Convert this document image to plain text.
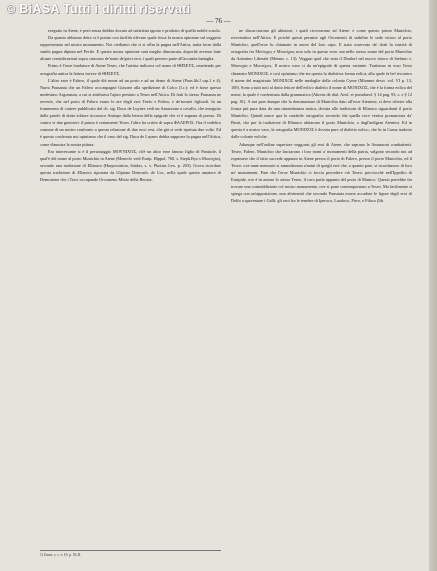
© BiASA Tutti i diritti riservati
— 76 —

eseguito in Atene, è però senza dubbio dovuto ad un'artista ignoto e prodotto di quella nobile scuola.

Da quanto abbiamo detto si è potuto con facilità rilevare quale fosse la nostra opinione sul soggetto rappresentato nel nostro monumento. Noi crediamo che ci si offra la pugna nell'Attica, tratta forse dalla simile pugna dipinta nel Pecile. E questa nostra opinione sarà meglio dimostrata, dopochè avremo fatte alcune considerazioni sopra ciascuno de'nomi de'greci eroi, i quali presero parte all'accanita battaglia.

Primo è l'eroe fondatore di Atene Teseo, che l'artista indicava col nome di ΘΗΣΕΥΣ, omettendo per ortografia antica la lettera invece di ΘΗΣΕΥΣ.

L'altro eroe è Falero, il quale diè nome ad un porto e ad un demo di Atene (Paus.lib.I cap.1 e 4). Narra Pausania che un Falero accompagnò Giasone alla spedizione di Colco (l.c.): ed è forse questo medesimo Argonauta, a cui si attribuiva l'ajuto prestato a Teseo nell'Attica. Di fatti lo stesso Pausania ne avverte, che nel porto di Falero erano le are degli eroi Tesèo e Falero, e de'nostrei figliuoli. In un frammento di cratere pubblicato dal ch. sig. Duca de Luynes vedi un Amazzone a cavallo, che inseguito dalle parole di dotto editore riconosce Antiope dalla lettera della epigrafe che vi è segnata di presso. Di contro vi due guerrieri: il primo è certamente Teseo, l'altro ha scritto di sopra ΦΑΛΕΡΟΣ. Ora il vedeliro comune di un nostro confronto a questa relazione di due eroi: resi, che già si vede ripetuta due volte. Ed è questo confronto noi opiniamo che il vaso del sig. Duca de Luynes debba supporre la pugna nell'Attica, come dimostra la nostra pittura.

Era interessante si è il personaggio ΜΟΥΝΙΧΟΣ, ch'è un altro eroe fanoso figlio di Pantacle, il qual'è diè nome al porto Munichio in Atene (Menecle vedi Eurip. Hippol. 760, s. Steph.Byz.v.Μουνιχία), secondo una tradizione di Ellanico (Harpocration, Suidas, s. v. Photius Lex. p. 203). Giova ricordare questa tradizione di Ellanico riportata da Ulpiano Demosth. de Cor., nella quale questo amatore di Demostene che i Traci occupando Orcomeno Minio della Beozia,

ne discacciarono gli abitatori, i quali ricovrarono ad Atene: e come questo primo Munichio, ricevendosi nell'Attica. E poichè questi permise agli Orcomenii di stabilire le sede vicino al porto Munichio, quell'eroe fu chiamato in onore del loro capo. E stato osservato da' dotti la varietà di ortografia fra Μούνιχος e Μουνίχιος non solo in questo eroe, ma nello stesso nome del porto Munichio da Antonino Liberale (Metam. c. 13). Veggasi quel che nota il Dindorf nel nuovo tesoro di Stefano v. Μουνιχία e Μουνίχιος. Il nostro vaso ci da un'epigrafe di questa variante. Trattiamo in esso l'eroe chiamato ΜΟΝΙΧΟΣ: e così opiniamo che sia questa la dialettica forma eolica, alla quale fa bel riscontro il nome del magistrato ΜΟΝΙΧΟΣ nelle medaglie della colonia Cyme (Mionnet descr. vol. VI p. 13, 100). Sono a tutti noti al dotto lettore dell'eolico dialetto il nome di ΜΟΝΙΧΟΣ, che è la forma eolica del nome, la quale è confermata dalla grammatica (Ahrens de dial. Aeol. et pseudaeol. § 14 pag. 93, s. e § 12 pag. 81). A noi pare dunque che la dominazione di Munichio dato all'eroe Ateniese, si deve riferire alla forma più pura data da una rimembranza antica, dovuta alle tradizioni di Ellanico riguardanti il porto Munichio. Quindi nasce qua la variabile ortografia: secondo che quella voce veniva pronunciata da' Beoti, che per la tradizione di Ellanico abitarono il porto Munichio, o dagl'indigeni Ateniesi. Ed in questa è a nostro vaso, la ortografia ΜΟΝΙΧΟΣ è dovuta pure al dialetto eolico, che fu in Cuma tradotto dalle colonie eoliche.

Adunque nell'ordine superiore veggonsi gli eroi di Atene, che saprano le Amazzoni combattenti. Teseo, Falero, Munichio che lasciarono i loro nomi a' monumenti della patria, valgono secondo noi ad esprimere che il fatto succede appunto in Atene presso il porto di Falero, presso il porto Munichio, ed il Teseo: ove tante memorie si rannodavano a'nomi di quegli eroi che, a quanto pare, si ricordassero di loro ne' monumenti. Pare che l'eroe Munichio ci faccia precedere ciò Teseo: perciocchè nell'Ippolito di Euripide, ove è in azione lo stesso Teseo, il coro parla appunto del porto di Munico. Questo potrebbe far trovare una contraddizione col nostro monumento, ove si pone contemporaneo a Teseo. Ma facilmente si spiega con un'apposizione, non altrimenti che secondo Pausania essere accadute le figure degli eroi di Delfo a spaventare i Galli: gli eroi fra le tenebre di Iperoco, Laodoco, Pirro, e Filaco (lib.

1) Giorn. s. s. v. 10. p. XLII.
